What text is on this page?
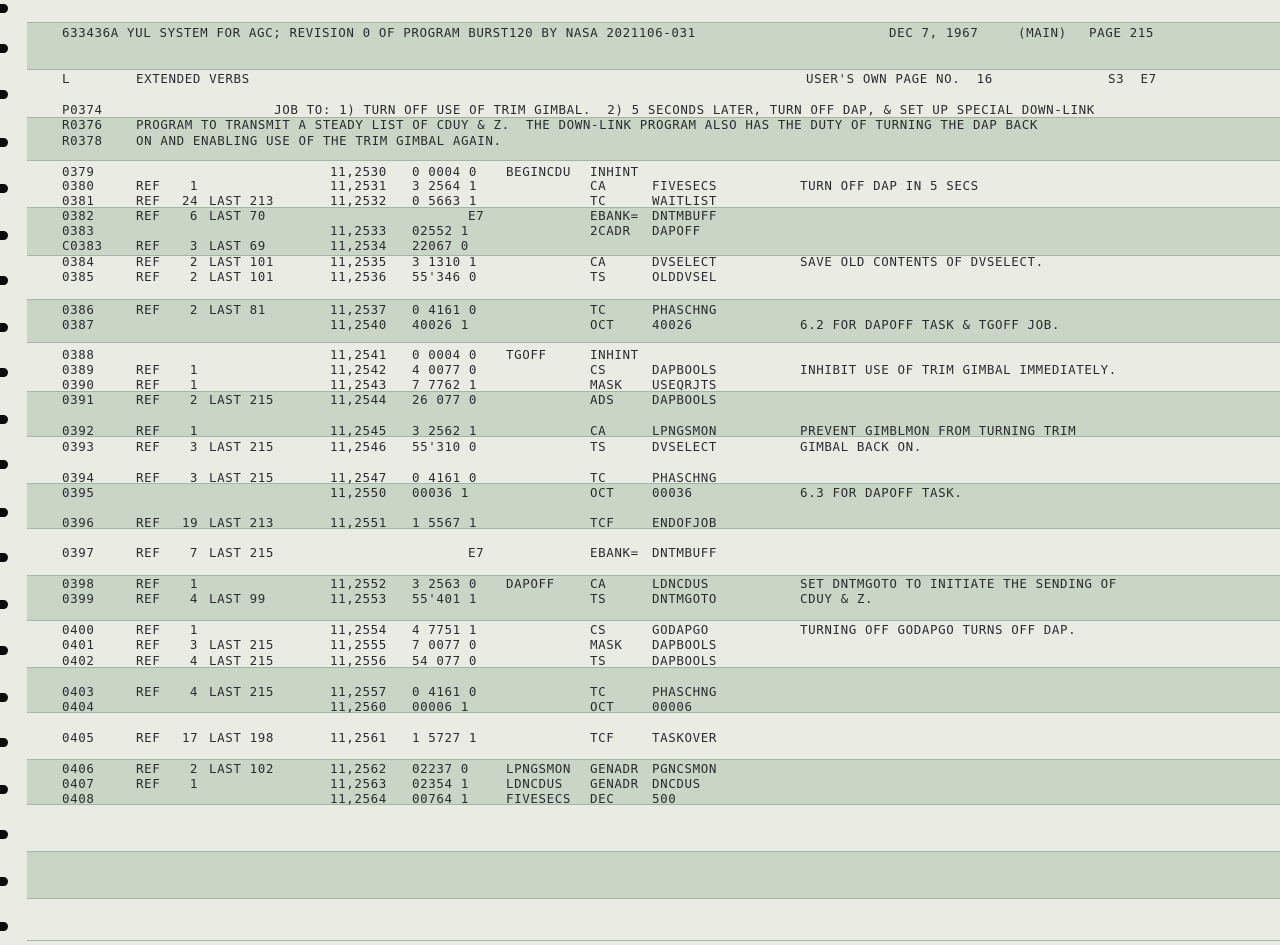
633436A YUL SYSTEM FOR AGC; REVISION 0 OF PROGRAM BURST120 BY NASA 2021106-031	DEC 7, 1967	(MAIN) PAGE 215
L	EXTENDED VERBS	USER'S OWN PAGE NO.  16	S3  E7
P0374	JOB TO: 1) TURN OFF USE OF TRIM GIMBAL.  2) 5 SECONDS LATER, TURN OFF DAP, & SET UP SPECIAL DOWN-LINK
R0376	PROGRAM TO TRANSMIT A STEADY LIST OF CDUY & Z.  THE DOWN-LINK PROGRAM ALSO HAS THE DUTY OF TURNING THE DAP BACK
R0378	ON AND ENABLING USE OF THE TRIM GIMBAL AGAIN.
0379	11,2530 0 0004 0 BEGINCDU INHINT
0380	REF	1	11,2531 3 2564 1	CA	FIVESECS	TURN OFF DAP IN 5 SECS
0381	REF 24 LAST 213	11,2532 0 5663 1	TC	WAITLIST
0382	REF	6 LAST 70	E7	EBANK= DNTMBUFF
0383	11,2533 02552 1	2CADR DAPOFF
C0383	REF	3 LAST 69	11,2534 22067 0
0384	REF	2 LAST 101	11,2535 3 1310 1	CA	DVSELECT	SAVE OLD CONTENTS OF DVSELECT.
0385	REF	2 LAST 101	11,2536 55'346 0	TS	OLDDVSEL
0386	REF	2 LAST 81	11,2537 0 4161 0	TC	PHASCHNG
0387	11,2540 40026 1	OCT	40026	6.2 FOR DAPOFF TASK & TGOFF JOB.
0388	11,2541 0 0004 0 TGOFF	INHINT
0389	REF	1	11,2542 4 0077 0	CS	DAPBOOLS	INHIBIT USE OF TRIM GIMBAL IMMEDIATELY.
0390	REF	1	11,2543 7 7762 1	MASK USEQRJTS
0391	REF	2 LAST 215	11,2544 26 077 0	ADS	DAPBOOLS
0392	REF	1	11,2545 3 2562 1	CA	LPNGSMON	PREVENT GIMBLMON FROM TURNING TRIM
0393	REF	3 LAST 215	11,2546 55'310 0	TS	DVSELECT	GIMBAL BACK ON.
0394	REF	3 LAST 215	11,2547 0 4161 0	TC	PHASCHNG
0395	11,2550 00036 1	OCT	00036	6.3 FOR DAPOFF TASK.
0396	REF 19 LAST 213	11,2551 1 5567 1	TCF	ENDOFJOB
0397	REF	7 LAST 215	E7	EBANK= DNTMBUFF
0398	REF	1	11,2552 3 2563 0 DAPOFF	CA	LDNCDUS	SET DNTMGOTO TO INITIATE THE SENDING OF
0399	REF	4 LAST 99	11,2553 55'401 1	TS	DNTMGOTO	CDUY & Z.
0400	REF	1	11,2554 4 7751 1	CS	GODAPGO	TURNING OFF GODAPGO TURNS OFF DAP.
0401	REF	3 LAST 215	11,2555 7 0077 0	MASK DAPBOOLS
0402	REF	4 LAST 215	11,2556 54 077 0	TS	DAPBOOLS
0403	REF	4 LAST 215	11,2557 0 4161 0	TC	PHASCHNG
0404	11,2560 00006 1	OCT	00006
0405	REF 17 LAST 198	11,2561 1 5727 1	TCF	TASKOVER
0406	REF	2 LAST 102	11,2562 02237 0	LPNGSMON GENADR PGNCSMON
0407	REF	1	11,2563 02354 1	LDNCDUS GENADR DNCDUS
0408	11,2564 00764 1	FIVESECS DEC	500
